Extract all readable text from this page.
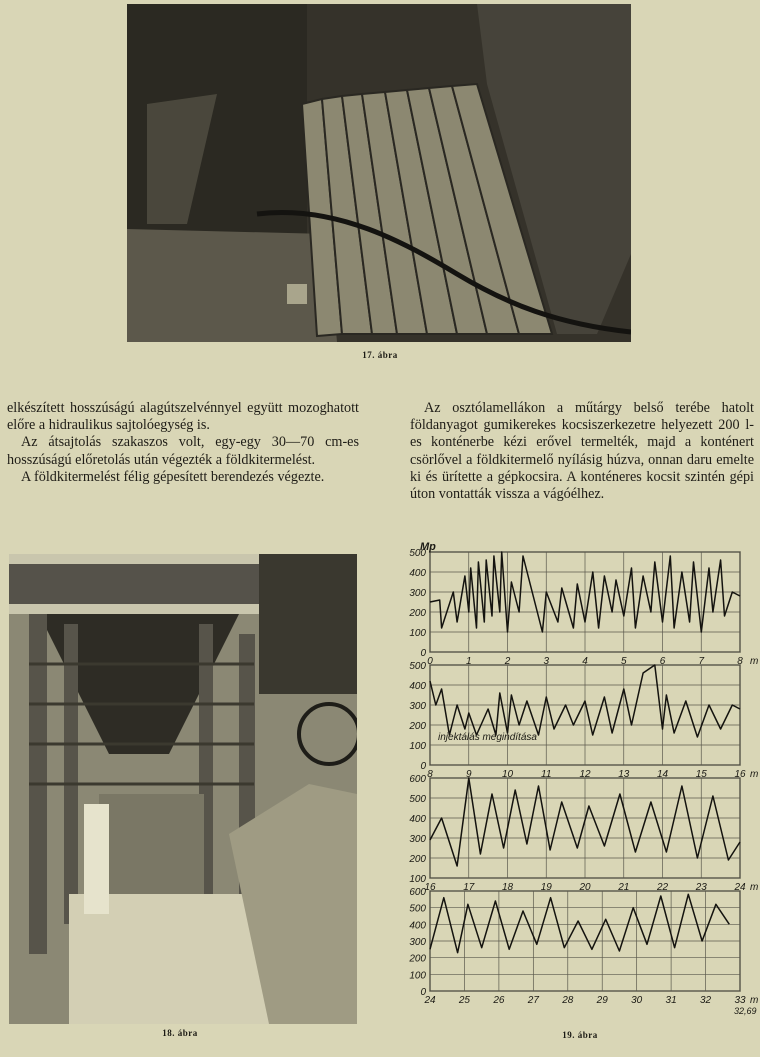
17. ábra

elkészített hosszúságú alagútszelvénnyel együtt mozoghatott előre a hidraulikus sajtolóegység is.

Az átsajtolás szakaszos volt, egy-egy 30—70 cm-es hosszúságú előretolás után végezték a földkitermelést.

A földkitermelést félig gépesített berendezés végezte.

Az osztólamellákon a műtárgy belső terébe hatolt földanyagot gumikerekes kocsiszerkezetre helyezett 200 l-es konténerbe kézi erővel termelték, majd a konténert csörlővel a földkitermelő nyílásig húzva, onnan daru emelte ki és ürítette a gépkocsira. A konténeres kocsit szintén gépi úton vontatták vissza a vágóélhez.

18. ábra
0
100
200
300
400
500
0	1	2	3	4	5	6	7	8 m
Mp
0
100
200
300
400
500
8	9	10	11	12	13	14	15	16 m
100
200
300
400
500
600
16	17	18	19	20	21	22	23	24 m
0
100
200
300
400
500
600
24 25 26 27 28 29 30 31 32 33 m
injektálás megindítása
32,69
19. ábra
